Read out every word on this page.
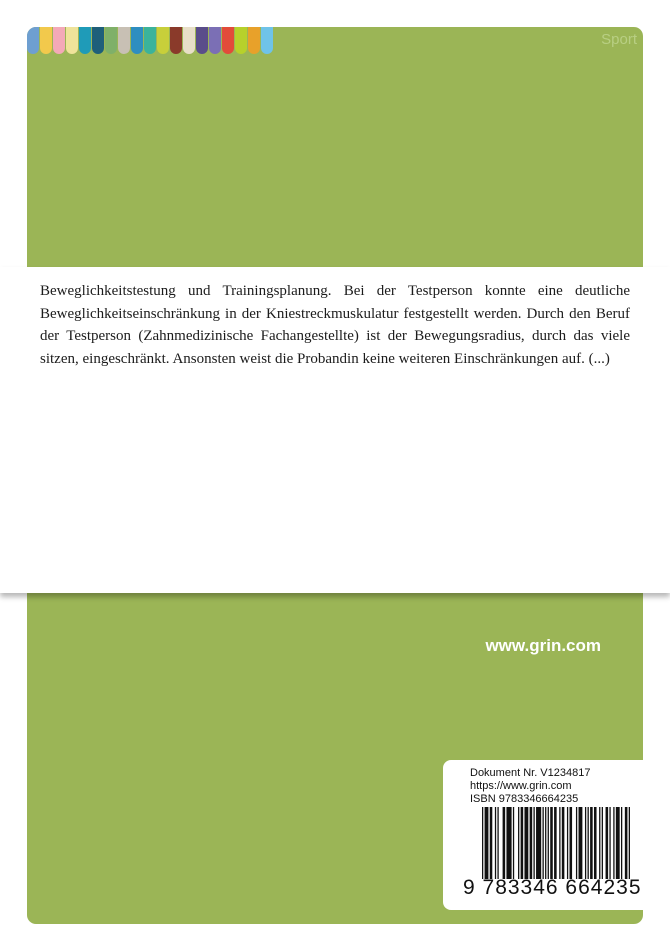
Sport
www.grin.com

Beweglichkeitstestung und Trainingsplanung. Bei der Testperson konnte eine deutliche Beweglichkeitseinschränkung in der Kniestreckmuskulatur festgestellt werden. Durch den Beruf der Testperson (Zahnmedizinische Fachangestellte) ist der Bewegungsradius, durch das viele sitzen, eingeschränkt. Ansonsten weist die Probandin keine weiteren Einschränkungen auf. (...)

Dokument Nr. V1234817
https://www.grin.com
ISBN 9783346664235
9 783346 664235
